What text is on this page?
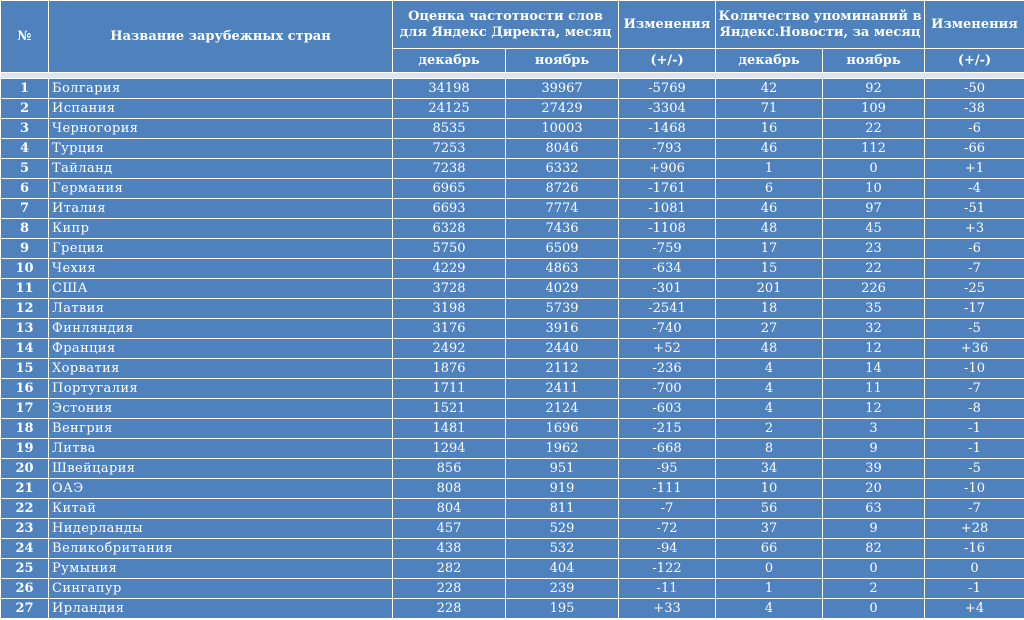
№	Название зарубежных стран	Оценка частотности слов для Яндекс Директа, месяц		Изменения	Количество упоминаний в Яндекс.Новости, за месяц		Изменения
		декабрь	ноябрь	(+/-)	декабрь	ноябрь	(+/-)

1	Болгария	34198	39967	-5769	42	92	-50
2	Испания	24125	27429	-3304	71	109	-38
3	Черногория	8535	10003	-1468	16	22	-6
4	Турция	7253	8046	-793	46	112	-66
5	Тайланд	7238	6332	+906	1	0	+1
6	Германия	6965	8726	-1761	6	10	-4
7	Италия	6693	7774	-1081	46	97	-51
8	Кипр	6328	7436	-1108	48	45	+3
9	Греция	5750	6509	-759	17	23	-6
10	Чехия	4229	4863	-634	15	22	-7
11	США	3728	4029	-301	201	226	-25
12	Латвия	3198	5739	-2541	18	35	-17
13	Финляндия	3176	3916	-740	27	32	-5
14	Франция	2492	2440	+52	48	12	+36
15	Хорватия	1876	2112	-236	4	14	-10
16	Португалия	1711	2411	-700	4	11	-7
17	Эстония	1521	2124	-603	4	12	-8
18	Венгрия	1481	1696	-215	2	3	-1
19	Литва	1294	1962	-668	8	9	-1
20	Швейцария	856	951	-95	34	39	-5
21	ОАЭ	808	919	-111	10	20	-10
22	Китай	804	811	-7	56	63	-7
23	Нидерланды	457	529	-72	37	9	+28
24	Великобритания	438	532	-94	66	82	-16
25	Румыния	282	404	-122	0	0	0
26	Сингапур	228	239	-11	1	2	-1
27	Ирландия	228	195	+33	4	0	+4
